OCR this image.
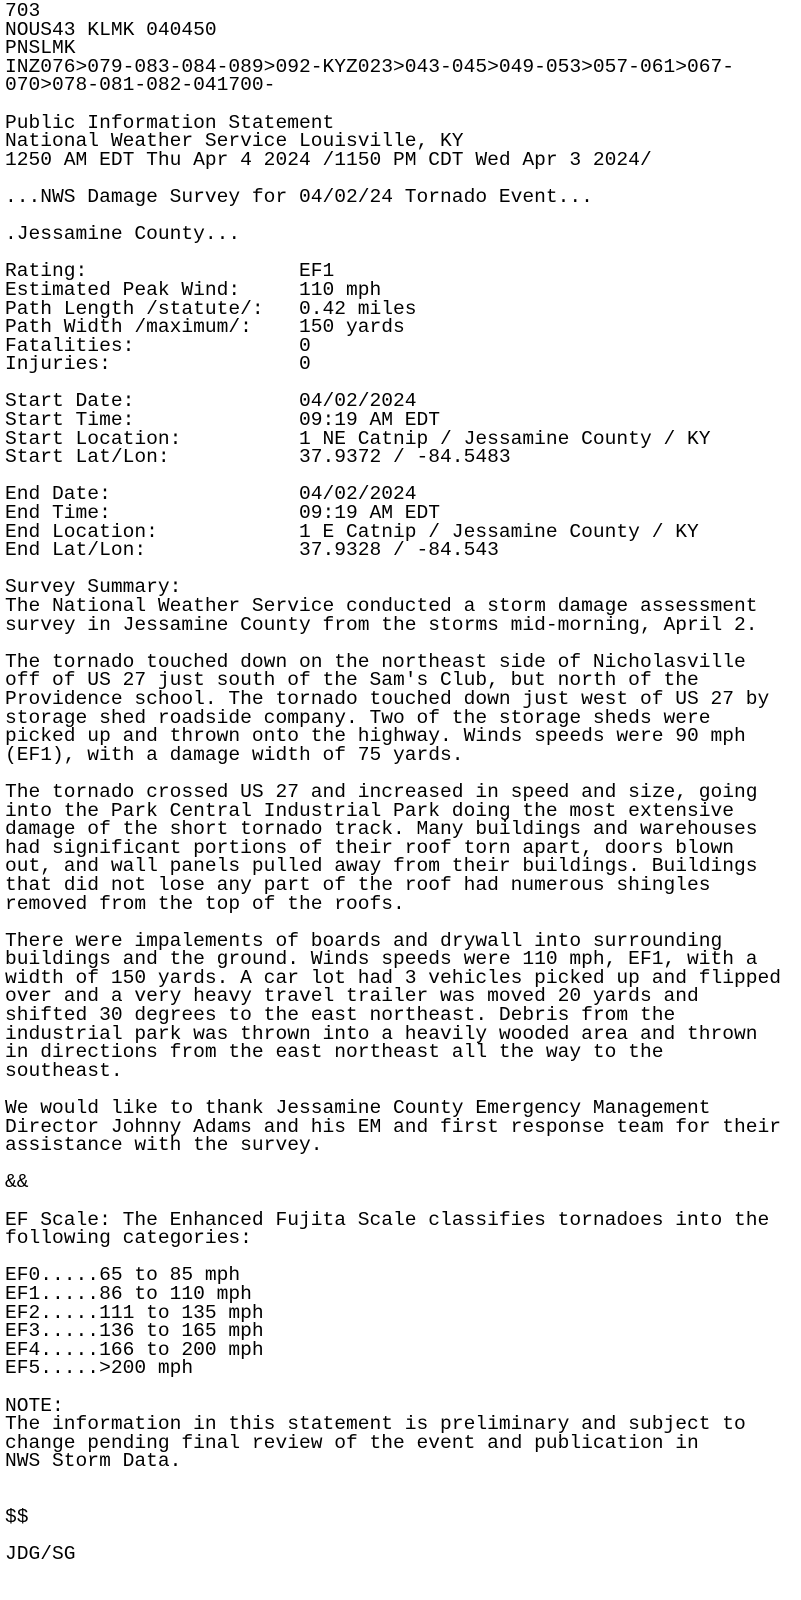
703
NOUS43 KLMK 040450
PNSLMK
INZ076>079-083-084-089>092-KYZ023>043-045>049-053>057-061>067-
070>078-081-082-041700-
Public Information Statement
National Weather Service Louisville, KY
1250 AM EDT Thu Apr 4 2024 /1150 PM CDT Wed Apr 3 2024/
...NWS Damage Survey for 04/02/24 Tornado Event...
.Jessamine County...
Rating:                  EF1
Estimated Peak Wind:     110 mph
Path Length /statute/:   0.42 miles
Path Width /maximum/:    150 yards
Fatalities:              0
Injuries:                0
Start Date:              04/02/2024
Start Time:              09:19 AM EDT
Start Location:          1 NE Catnip / Jessamine County / KY
Start Lat/Lon:           37.9372 / -84.5483
End Date:                04/02/2024
End Time:                09:19 AM EDT
End Location:            1 E Catnip / Jessamine County / KY
End Lat/Lon:             37.9328 / -84.543
Survey Summary:
The National Weather Service conducted a storm damage assessment
survey in Jessamine County from the storms mid-morning, April 2.
The tornado touched down on the northeast side of Nicholasville
off of US 27 just south of the Sam's Club, but north of the
Providence school. The tornado touched down just west of US 27 by
storage shed roadside company. Two of the storage sheds were
picked up and thrown onto the highway. Winds speeds were 90 mph
(EF1), with a damage width of 75 yards.
The tornado crossed US 27 and increased in speed and size, going
into the Park Central Industrial Park doing the most extensive
damage of the short tornado track. Many buildings and warehouses
had significant portions of their roof torn apart, doors blown
out, and wall panels pulled away from their buildings. Buildings
that did not lose any part of the roof had numerous shingles
removed from the top of the roofs.
There were impalements of boards and drywall into surrounding
buildings and the ground. Winds speeds were 110 mph, EF1, with a
width of 150 yards. A car lot had 3 vehicles picked up and flipped
over and a very heavy travel trailer was moved 20 yards and
shifted 30 degrees to the east northeast. Debris from the
industrial park was thrown into a heavily wooded area and thrown
in directions from the east northeast all the way to the
southeast.
We would like to thank Jessamine County Emergency Management
Director Johnny Adams and his EM and first response team for their
assistance with the survey.
&&
EF Scale: The Enhanced Fujita Scale classifies tornadoes into the
following categories:
EF0.....65 to 85 mph
EF1.....86 to 110 mph
EF2.....111 to 135 mph
EF3.....136 to 165 mph
EF4.....166 to 200 mph
EF5.....>200 mph
NOTE:
The information in this statement is preliminary and subject to
change pending final review of the event and publication in
NWS Storm Data.
$$
JDG/SG
